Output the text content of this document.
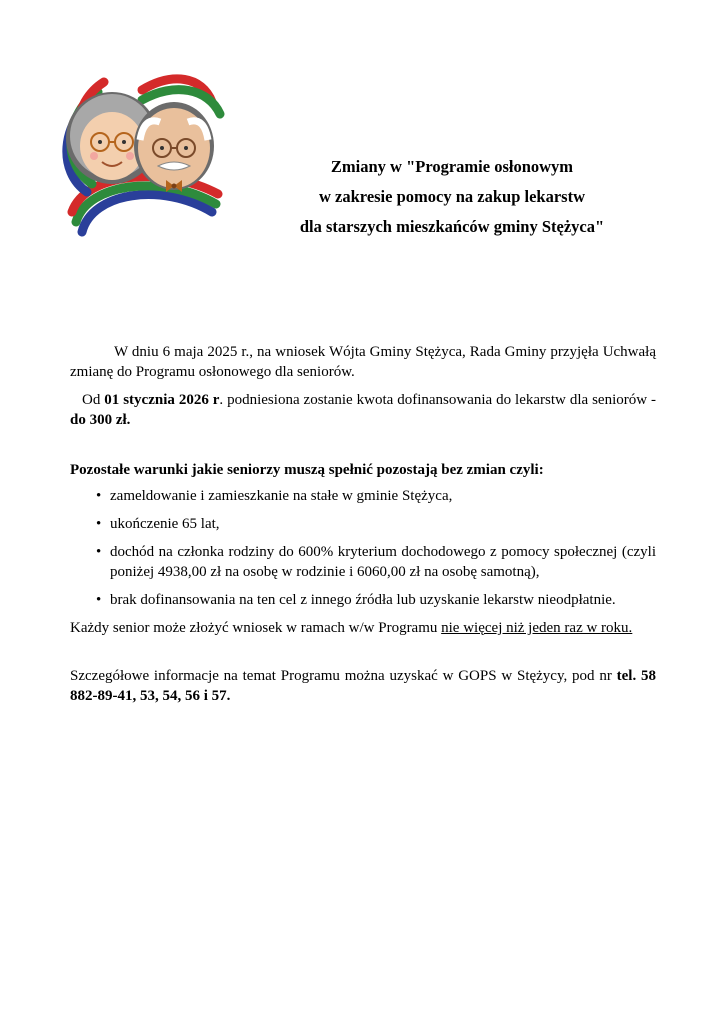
Zmiany w "Programie osłonowym
w zakresie pomocy na zakup lekarstw
dla starszych mieszkańców gminy Stężyca"

W dniu 6 maja 2025 r., na wniosek Wójta Gminy Stężyca, Rada Gminy przyjęła Uchwałą zmianę do Programu osłonowego dla seniorów.

Od 01 stycznia 2026 r. podniesiona zostanie kwota dofinansowania do lekarstw dla seniorów - do 300 zł.

Pozostałe warunki jakie seniorzy muszą spełnić pozostają bez zmian czyli:

• zameldowanie i zamieszkanie na stałe w gminie Stężyca,
• ukończenie 65 lat,
• dochód na członka rodziny do 600% kryterium dochodowego z pomocy społecznej (czyli poniżej 4938,00 zł na osobę w rodzinie i 6060,00 zł na osobę samotną),
• brak dofinansowania na ten cel z innego źródła lub uzyskanie lekarstw nieodpłatnie.

Każdy senior może złożyć wniosek w ramach w/w Programu nie więcej niż jeden raz w roku.

Szczegółowe informacje na temat Programu można uzyskać w GOPS w Stężycy, pod nr tel. 58 882-89-41, 53, 54, 56 i 57.
